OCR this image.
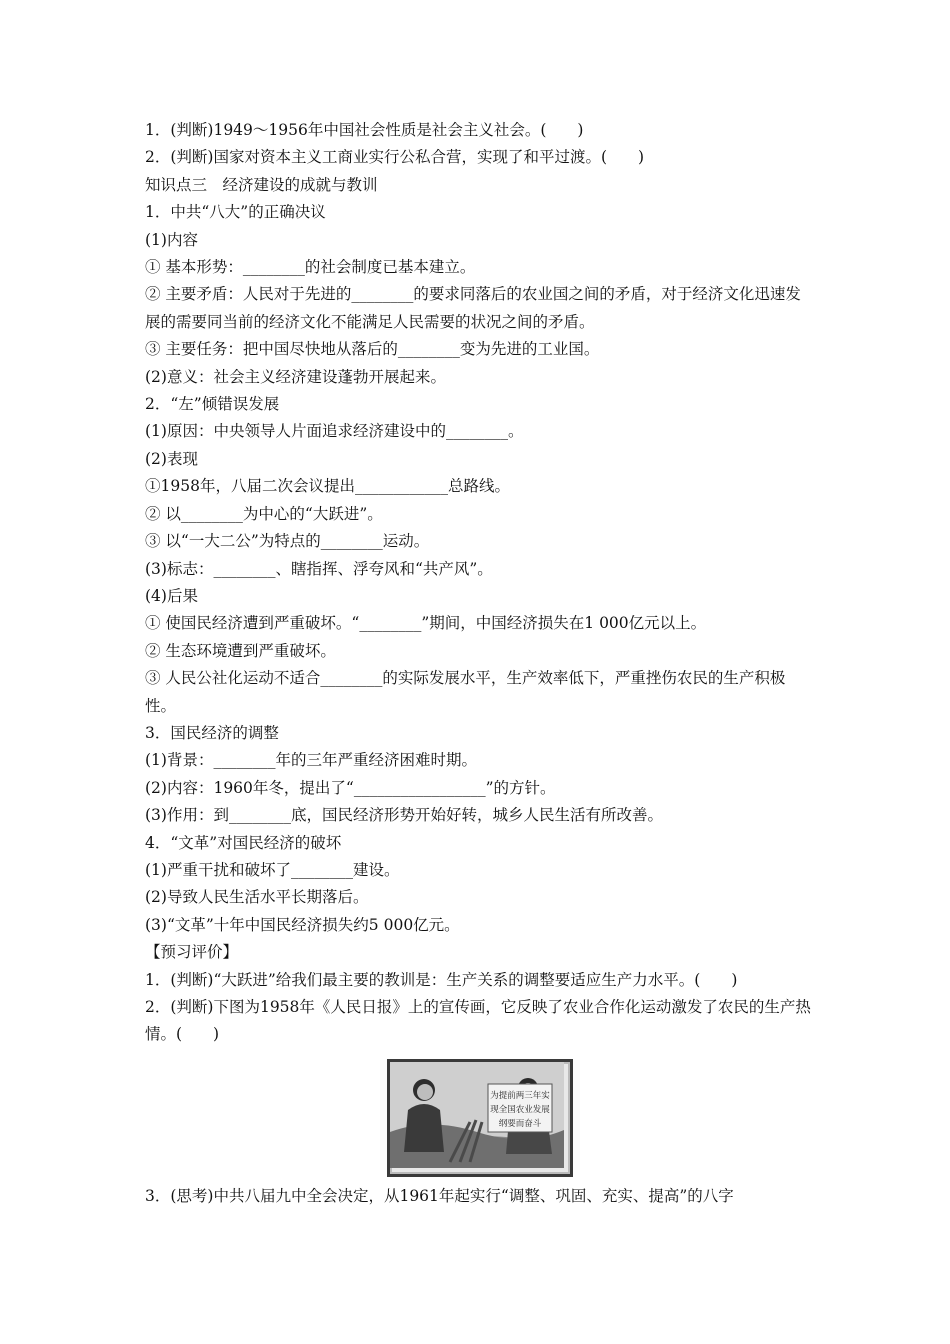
1．(判断)1949～1956年中国社会性质是社会主义社会。(　　)
2．(判断)国家对资本主义工商业实行公私合营，实现了和平过渡。(　　)
知识点三　经济建设的成就与教训
1．中共“八大”的正确决议
(1)内容
① 基本形势：________的社会制度已基本建立。
② 主要矛盾：人民对于先进的________的要求同落后的农业国之间的矛盾，对于经济文化迅速发展的需要同当前的经济文化不能满足人民需要的状况之间的矛盾。
③ 主要任务：把中国尽快地从落后的________变为先进的工业国。
(2)意义：社会主义经济建设蓬勃开展起来。
2．“左”倾错误发展
(1)原因：中央领导人片面追求经济建设中的________。
(2)表现
①1958年，八届二次会议提出____________总路线。
② 以________为中心的“大跃进”。
③ 以“一大二公”为特点的________运动。
(3)标志：________、瞎指挥、浮夸风和“共产风”。
(4)后果
① 使国民经济遭到严重破坏。“________”期间，中国经济损失在1 000亿元以上。
② 生态环境遭到严重破坏。
③ 人民公社化运动不适合________的实际发展水平，生产效率低下，严重挫伤农民的生产积极性。
3．国民经济的调整
(1)背景：________年的三年严重经济困难时期。
(2)内容：1960年冬，提出了“_________________”的方针。
(3)作用：到________底，国民经济形势开始好转，城乡人民生活有所改善。
4．“文革”对国民经济的破坏
(1)严重干扰和破坏了________建设。
(2)导致人民生活水平长期落后。
(3)“文革”十年中国民经济损失约5 000亿元。
【预习评价】
1．(判断)“大跃进”给我们最主要的教训是：生产关系的调整要适应生产力水平。(　　)
2．(判断)下图为1958年《人民日报》上的宣传画，它反映了农业合作化运动激发了农民的生产热情。(　　)
为提前两三年实
现全国农业发展
纲要而奋斗
3．(思考)中共八届九中全会决定，从1961年起实行“调整、巩固、充实、提高”的八字
